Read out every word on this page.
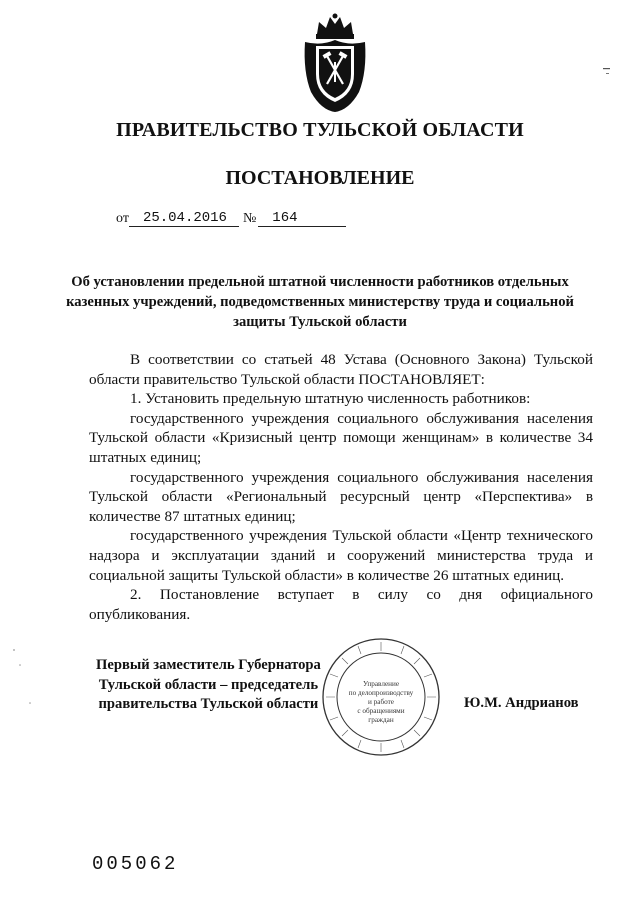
ПРАВИТЕЛЬСТВО ТУЛЬСКОЙ ОБЛАСТИ
ПОСТАНОВЛЕНИЕ
от	25.04.2016	№	164
Об установлении предельной штатной численности работников отдельных казенных учреждений, подведомственных министерству труда и социальной защиты Тульской области

В соответствии со статьей 48 Устава (Основного Закона) Тульской области правительство Тульской области ПОСТАНОВЛЯЕТ:

1. Установить предельную штатную численность работников:

государственного учреждения социального обслуживания населения Тульской области «Кризисный центр помощи женщинам» в количестве 34 штатных единиц;

государственного учреждения социального обслуживания населения Тульской области «Региональный ресурсный центр «Перспектива» в количестве 87 штатных единиц;

государственного учреждения Тульской области «Центр технического надзора и эксплуатации зданий и сооружений министерства труда и социальной защиты Тульской области» в количестве 26 штатных единиц.

2. Постановление вступает в силу со дня официального опубликования.

Первый заместитель Губернатора
Тульской области – председатель
правительства Тульской области	Ю.М. Андрианов
Управление
по делопроизводству
и работе
с обращениями
граждан
005062
